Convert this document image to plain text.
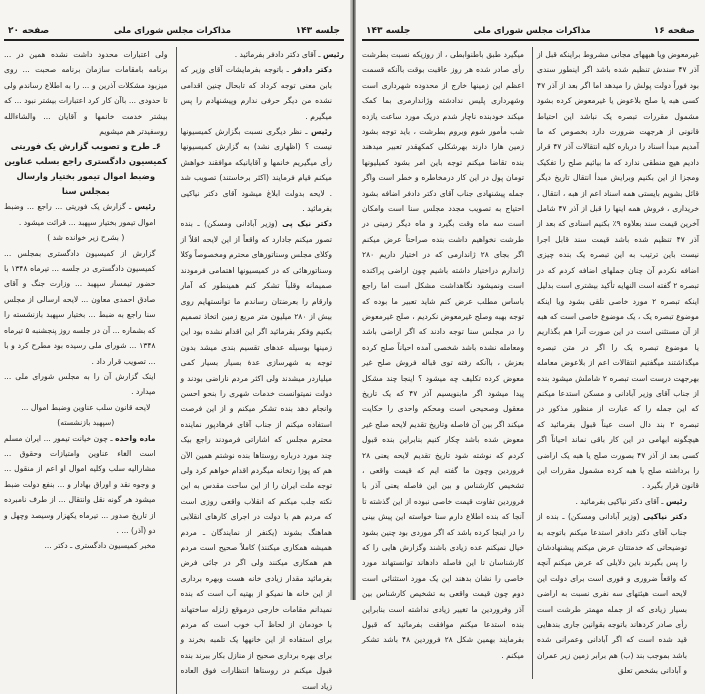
صفحه ۲۰	مذاکرات مجلس شورای ملی	جلسه ۱۴۳

رئیس ـ آقای دکتر دادفر بفرمائید .

دکتر دادفر ـ باتوجه بفرمایشات آقای وزیر که بابن معنی توجه کرداد که تابحال چنین اقدامی نشده من دیگر حرفی ندارم وپیشنهادم را پس میگیرم .

رئیس ـ نظر دیگری نسبت بگزارش کمیسیونها نیست ؟ (اظهاری نشد) به گزارش کمیسیونها رأی میگیریم خانمها و آقایانیکه موافقند خواهش میکنم قیام فرمایند (اکثر برخاستند) تصویب شد . لایحه بدولت ابلاغ میشود آقای دکتر نیاکیی بفرمائید .

دکتر نیک پی (وزیر آبادانی ومسکن) ـ بنده تصور میکنم جادارد که واقعاً از این لایحه اقلاً از وکلای مجلس وسناتورهای محترم ومخصوصاً وکلا وسناتورهائی که در کمیسیونها اهتمامی فرمودند صمیمانه وقلباً تشکر کنم همینطور که آمار وارقام را بعرضتان رساندم ما توانستهایم روی بیش از ۲۸۰ میلیون متر مربع زمین اتخاذ تصمیم بکنیم وفکر بفرمائید اگر این اقدام نشده بود این زمینها بوسیله عدهای تقسیم بندی میشد بدون توجه به شهرسازی عدهٔ بسیار بسیار کمی میلیاردر میشدند ولی اکثر مردم ناراضی بودند و دولت نمیتوانست خدمات شهری را بنحو احسن وانجام دهد بنده تشکر میکنم و از این فرصت استفاده میکنم از جناب آقای فرهادپور نماینده محترم مجلس که اشاراتی فرمودند راجع بیک چند مورد درباره روستاها بنده نوشتم همین الآن هم که پوزا رتخانه میگردم اقدام خواهم کرد ولی توجه ملت ایران را از این ساحت مقدس به این نکته جلب میکنم که انقلاب واقعی روزی است که مردم هم با دولت در اجرای کارهای انقلابی هماهنگ بشوند (یکنفر از نمایندگان ـ مردم همیشه همکاری میکنند) کاملاً صحیح است مردم هم همکاری میکنند ولی اگر در جائی فرض بفرمائید مقدار زیادی خانه هست وبهره برداری از این خانه ها نمیکو از بهتیه آب است که بنده نمیدانم مقامات خارجی درموقع زلزله ساختهاند با خودمان از لحاظ آب خوب است که مردم برای استفاده از این خانهها یک تلمبه بخرند و برای بهره برداری صحیح از منازل بکار ببرند بنده قبول میکنم در روستاها انتظارات فوق العاده زیاد است

ولی اعتبارات محدود داشت نشده همین در ... برنامه بامقامات سازمان برنامه صحبت ... روی میزبود مشکلات آذرین و ... را به اطلاع رساندم ولی تا حدودی ... باآن کار کرد اعتبارات بیشتر نبود ... که بیشتر خدمت خانمها و آقایان ... والشاءالله روسفیدتر هم میشویم

۶ـ طرح و تصویب گزارش یک فوریتی کمیسیون دادگستری راجع بسلب عناوین وضبط اموال تیمور بختیار وارسال بمجلس سنا

رئیس ـ گزارش یک فوریتی ... راجع ... وضبط اموال تیمور بختیار سپهبد ... قرائت میشود .

( بشرح زیر خوانده شد )

گزارش از کمیسیون دادگستری بمجلس ... کمیسیون دادگستری در جلسه ... تیرماه ۱۳۴۸ با حضور تیمسار سپهبد ... وزارت جنگ و آقای صادق احمدی معاون ... لایحه ارسالی از مجلس سنا راجع به ضبط ... بختیار سپهبد بازنشسته را که بشماره ... آن در جلسه روز پنجشنبه ۵ تیرماه ۱۳۴۸ ... شورای ملی رسیده بود مطرح کرد و با ... تصویب قرار داد .

اینک گزارش آن را به مجلس شورای ملی ... میدارد .

لایحه قانون سلب عناوین وضبط اموال ...

(سپهبد بازنشسته)

ماده واحده ـ چون خیانت تیمور ... ایران مسلم است الغاء عناوین وامتیازات وحقوق ... مشارالیه سلب وکلیه اموال او اعم از منقول ... و وجوه نقد و اوراق بهادار و ... بنفع دولت ضبط میشود هر گونه نقل وانتقال ... از طرف نامبرده از تاریخ صدور ... تیرماه یکهزار وسیصد وچهل و دو (آذر) ... .

مخبر کمیسیون دادگستری ـ دکتر ...

جلسه ۱۴۳	مذاکرات مجلس شورای ملی	صفحه ۱۶

غیرمعوض ویا هبههای مجانی مشروط براینکه قبل از آذر ۴۷ سندش تنظیم شده باشد اگر اینطور سندی بود فوراً دولت پولش را میدهد اما اگر بعد از آذر ۴۷ کسی هبه یا صلح بلاعوض یا غیرمعوض کرده بشود مشمول مقررات تبصره یک نباشد این احتیاط قانونی از هرجهت ضرورت دارد بخصوص که ما آمدیم مبدأ اسناد را درباره کلیه انتقالات آذر ۴۷ قرار دادیم هیچ منطقی ندارد که ما بیائیم صلح را تفکیک ومجزا از این بکنیم وبرایش مبدأ انتقال تاریخ دیگر قائل بشویم بایستی همه اسناد اعم از هبه ، انتقال ، خریداری ، فروش همه اینها را قبل از آذر ۴۷ شامل آخرین قیمت سند بعلاوه ۹٪ بکنیم اسنادی که بعد از آذر ۴۷ تنظیم شده باشد قیمت سند قابل اجرا نیست باین ترتیب به این تبصره یک بنده چیزی اضافه نکردم آن چنان جملهای اضافه کردم که در تبصره ۲ گفته است النهایه تأکید بیشتری است بدلیل اینکه تبصره ۲ مورد خاصی تلقی بشود ویا اینکه موضوع تبصره یک ، یک موضوع خاصی است که هبه از آن مستثنی است در این صورت آنرا هم بگذاریم یا موضوع تبصره یک را اگر در متن تبصره میگذاشتند میگفتیم انتقالات اعم از بلاعوض معامله بهرجهت درست است تبصره ۲ شاملش میشود بنده از جناب آقای وزیر آبادانی و مسکن استدعا میکنم که این جمله را که عبارت از منظور مذکور در تبصره ۲ بند دال است عیناً قبول بفرمائید که هیچگونه ابهامی در این کار باقی نماند احیاناً اگر کسی بعد از آذر ۴۷ بصورت صلح یا هبه یک اراضی را برداشته صلح یا هبه کرده مشمول مقررات این قانون قرار بگیرد .

رئیس ـ آقای دکتر نیاکیی بفرمائید .

دکتر نیاکیی (وزیر آبادانی ومسکن) ـ بنده از جناب آقای دکتر دادفر استدعا میکنم باتوجه به توضیحاتی که خدمتتان عرض میکنم پیشنهادشان را پس بگیرند باین دلایلی که عرض میکنم آنچه که واقعاً ضروری و فوری است برای دولت این لایحه است هیئتهای سه نفری نسبت به اراضی بسیار زیادی که از جمله مهمتر طرشت است رأی صادر کردهاند باتوجه بقوانین جاری بندهایی قید شده است که اگر آبادانی وعمرانی شده باشد بموجب بند (ب) هم برابر زمین زیر عمران و آبادانی بشخص تعلق

میگیرد طبق باطنوابطی ، از روزیکه نسبت بطرشت رأی صادر شده هر روز عاقبت بوقت باآنکه قسمت اعظم این زمینها خارج از محدوده شهرداری است وشهرداری پلیس ندادشته وژاندارمری بما کمک میکند خودبنده ناچار شدم دریک مورد ساعت یازده شب مأمور شوم وبروم بطرشت ، باید توجه بشود زمین هارا دارند بهرشکلی کمکهقدر تعبیر میدهند بنده تقاضا میکنم توجه باین امر بشود کمیلیونها تومان پول در این کار درمخاطره و خطر است واگر جمله پیشنهادی جناب آقای دکتر دادفر اضافه بشود احتیاج به تصویب مجدد مجلس سنا است وامکان است سه ماه وقت بگیرد و ماه دیگر زمینی در طرشت نخواهیم داشت بنده صراحتاً عرض میکنم اگر بجای ۲۸ ژاندارمی که در اختیار داریم ۲۸۰ ژاندارم دراختیار داشته باشیم چون اراضی پراکنده است ونمیشود نگاهداشت مشکل است اما راجع باساس مطلب عرض کنم شاید تعبیر ما بوده که توجه بهبه وصلح غیرمعوض نکردیم ، صلح غیرمعوض را در مجلس سنا توجه دادند که اگر اراضی باشد ومعامله نشده باشد شخصی آمده احیاناً صلح کرده بعزش ، باآنکه رفته توی قباله فروش صلح غیر معوض کرده تکلیف چه میشود ؟ اینجا چند مشکل پیدا میشود اگر مابنویسیم آذر ۴۷ که یک تاریخ معقول وصحیحی است ومحکم واحدی را حکایت میکند اگر بین آن فاصله وتاریخ تقدیم لایحه صلح غیر معوض شده باشد چکار کنیم بنابراین بنده قبول کردم که نوشته شود تاریخ تقدیم لایحه یعنی ۲۸ فروردین وچون ما گفته ایم که قیمت واقعی ، تشخیص کارشناس و بین این فاصله یعنی آذر با فروردین تفاوت قیمت خاصی نبوده از این گذشته تا آنجا که بنده اطلاع دارم سنا خواسته این پیش بینی را در اینجا کرده باشد که اگر موردی بود چنین بشود خیال نمیکنم عده زیادی باشند وگزارش هایی را که کارشناسان تا این فاصله دادهاند توانستهاند مورد خاصی را نشان بدهند این یک مورد استثنائی است دوم چون قیمت واقعی به تشخیص کارشناس بین آذر وفروردین ما تغییر زیادی نداشته است بنابراین بنده استدعا میکنم موافقت بفرمائید که قبول بفرمایند بهمین شکل ۲۸ فروردین ۴۸ باشد تشکر میکنم .
